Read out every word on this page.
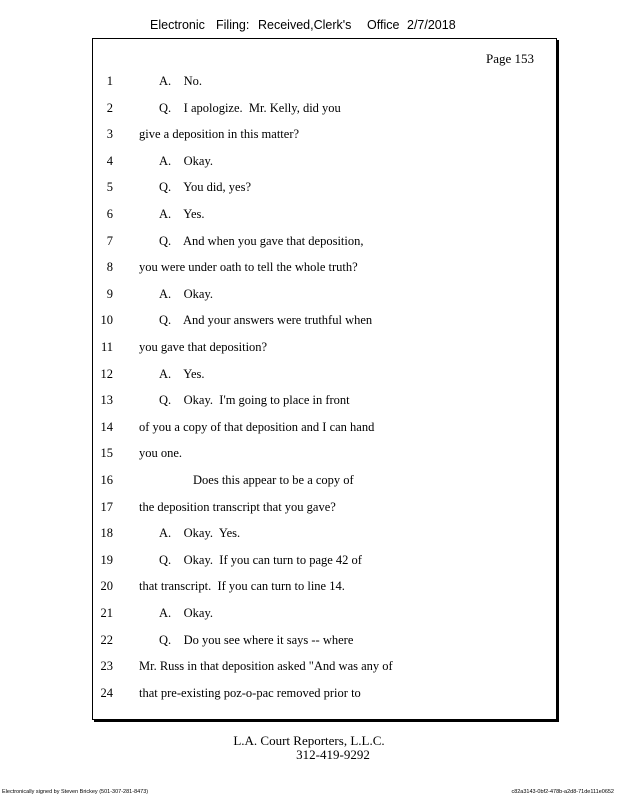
Electronic Filing: Received,Clerk's Office 2/7/2018
Page 153
1	A.    No.
2	Q.    I apologize.  Mr. Kelly, did you
3 give a deposition in this matter?
4	A.    Okay.
5	Q.    You did, yes?
6	A.    Yes.
7	Q.    And when you gave that deposition,
8 you were under oath to tell the whole truth?
9	A.    Okay.
10	Q.    And your answers were truthful when
11 you gave that deposition?
12	A.    Yes.
13	Q.    Okay.  I'm going to place in front
14 of you a copy of that deposition and I can hand
15 you one.
16	Does this appear to be a copy of
17 the deposition transcript that you gave?
18	A.    Okay.  Yes.
19	Q.    Okay.  If you can turn to page 42 of
20 that transcript.  If you can turn to line 14.
21	A.    Okay.
22	Q.    Do you see where it says -- where
23 Mr. Russ in that deposition asked "And was any of
24 that pre-existing poz-o-pac removed prior to
L.A. Court Reporters, L.L.C.
312-419-9292
Electronically signed by Steven Brickey (501-307-281-8473)	c82a3143-0bf2-478b-a2d8-71de111e0652
